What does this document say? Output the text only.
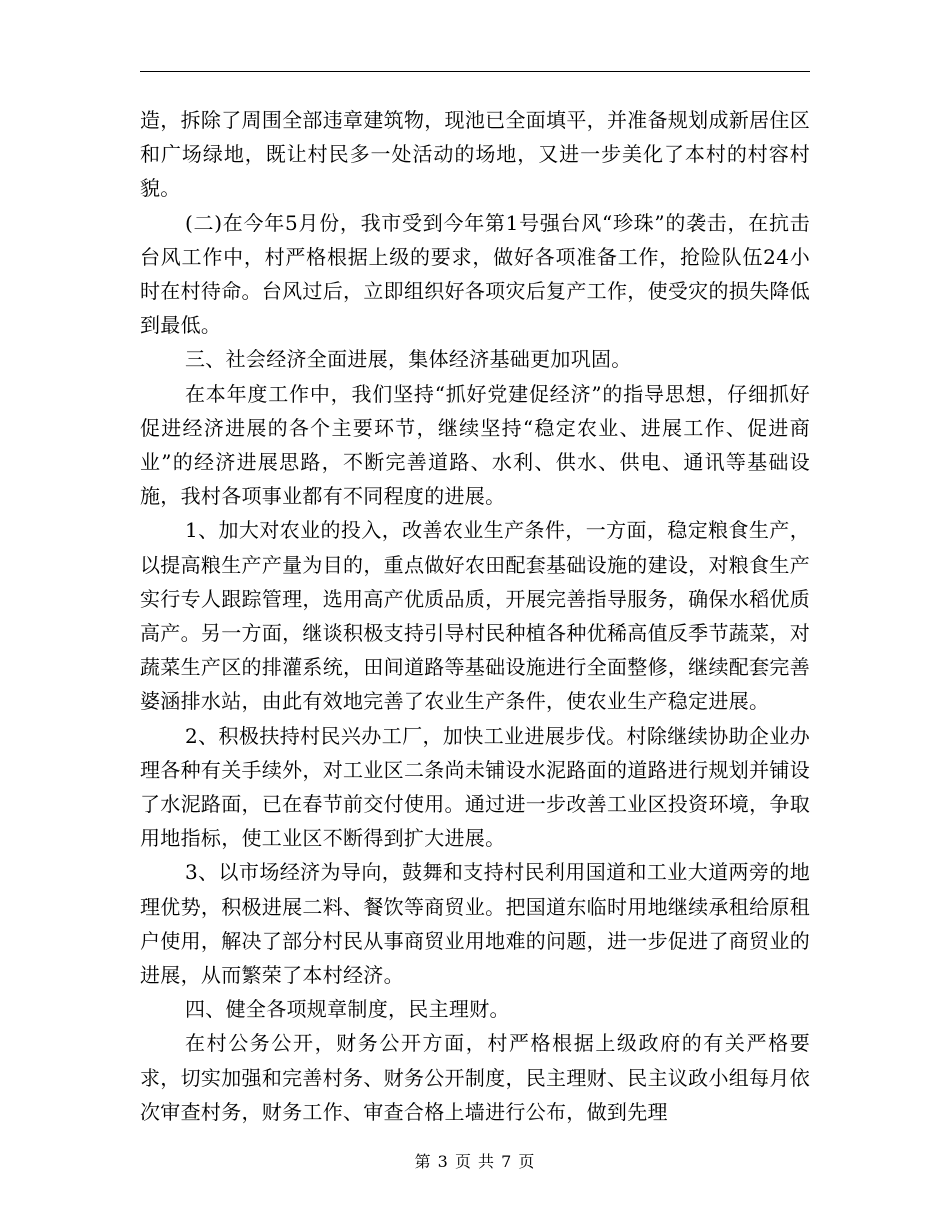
造，拆除了周围全部违章建筑物，现池已全面填平，并准备规划成新居住区和广场绿地，既让村民多一处活动的场地，又进一步美化了本村的村容村貌。

(二)在今年5月份，我市受到今年第1号强台风“珍珠”的袭击，在抗击台风工作中，村严格根据上级的要求，做好各项准备工作，抢险队伍24小时在村待命。台风过后，立即组织好各项灾后复产工作，使受灾的损失降低到最低。

三、社会经济全面进展，集体经济基础更加巩固。

在本年度工作中，我们坚持“抓好党建促经济”的指导思想，仔细抓好促进经济进展的各个主要环节，继续坚持“稳定农业、进展工作、促进商业”的经济进展思路，不断完善道路、水利、供水、供电、通讯等基础设施，我村各项事业都有不同程度的进展。

1、加大对农业的投入，改善农业生产条件，一方面，稳定粮食生产，以提高粮生产产量为目的，重点做好农田配套基础设施的建设，对粮食生产实行专人跟踪管理，选用高产优质品质，开展完善指导服务，确保水稻优质高产。另一方面，继谈积极支持引导村民种植各种优稀高值反季节蔬菜，对蔬菜生产区的排灌系统，田间道路等基础设施进行全面整修，继续配套完善婆涵排水站，由此有效地完善了农业生产条件，使农业生产稳定进展。

2、积极扶持村民兴办工厂，加快工业进展步伐。村除继续协助企业办理各种有关手续外，对工业区二条尚未铺设水泥路面的道路进行规划并铺设了水泥路面，已在春节前交付使用。通过进一步改善工业区投资环境，争取用地指标，使工业区不断得到扩大进展。

3、以市场经济为导向，鼓舞和支持村民利用国道和工业大道两旁的地理优势，积极进展二料、餐饮等商贸业。把国道东临时用地继续承租给原租户使用，解决了部分村民从事商贸业用地难的问题，进一步促进了商贸业的进展，从而繁荣了本村经济。

四、健全各项规章制度，民主理财。

在村公务公开，财务公开方面，村严格根据上级政府的有关严格要求，切实加强和完善村务、财务公开制度，民主理财、民主议政小组每月依次审查村务，财务工作、审查合格上墙进行公布，做到先理

第 3 页 共 7 页
